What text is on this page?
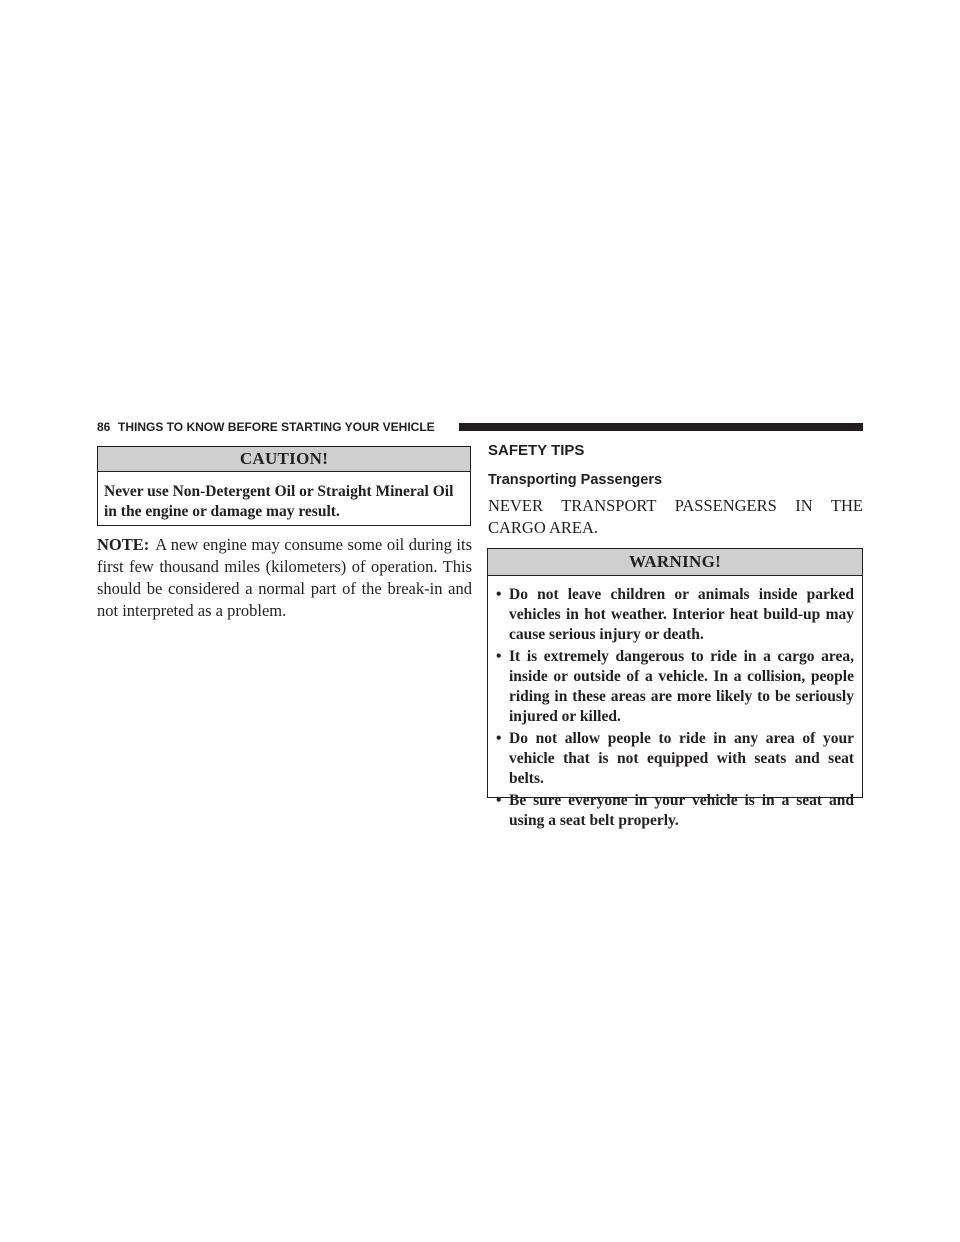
86 THINGS TO KNOW BEFORE STARTING YOUR VEHICLE
CAUTION!
Never use Non-Detergent Oil or Straight Mineral Oil in the engine or damage may result.
NOTE: A new engine may consume some oil during its first few thousand miles (kilometers) of operation. This should be considered a normal part of the break-in and not interpreted as a problem.
SAFETY TIPS
Transporting Passengers
NEVER TRANSPORT PASSENGERS IN THE CARGO AREA.
WARNING!
• Do not leave children or animals inside parked vehicles in hot weather. Interior heat build-up may cause serious injury or death.
• It is extremely dangerous to ride in a cargo area, inside or outside of a vehicle. In a collision, people riding in these areas are more likely to be seriously injured or killed.
• Do not allow people to ride in any area of your vehicle that is not equipped with seats and seat belts.
• Be sure everyone in your vehicle is in a seat and using a seat belt properly.
